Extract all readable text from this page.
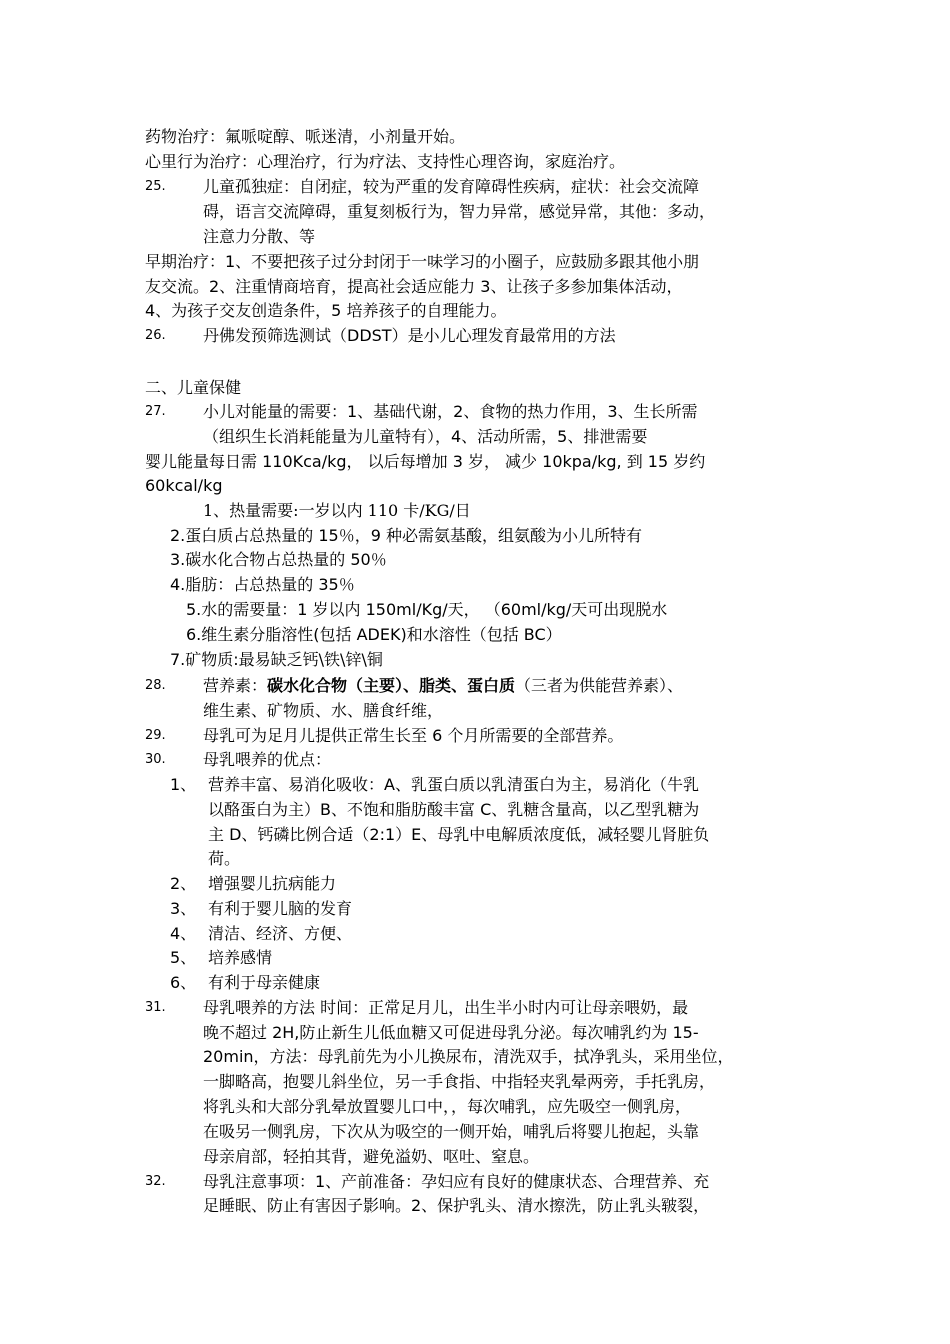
药物治疗：氟哌啶醇、哌迷清，小剂量开始。
心里行为治疗：心理治疗，行为疗法、支持性心理咨询，家庭治疗。
25. 儿童孤独症：自闭症，较为严重的发育障碍性疾病，症状：社会交流障
碍，语言交流障碍，重复刻板行为，智力异常，感觉异常，其他：多动，
注意力分散、等
早期治疗：1、不要把孩子过分封闭于一味学习的小圈子，应鼓励多跟其他小朋
友交流。2、注重情商培育，提高社会适应能力 3、让孩子多参加集体活动，
4、为孩子交友创造条件，5 培养孩子的自理能力。
26. 丹佛发预筛选测试（DDST）是小儿心理发育最常用的方法
二、儿童保健
27. 小儿对能量的需要：1、基础代谢，2、食物的热力作用，3、生长所需
（组织生长消耗能量为儿童特有），4、活动所需，5、排泄需要
婴儿能量每日需 110Kca/kg， 以后每增加 3 岁， 减少 10kpa/kg, 到 15 岁约
60kcal/kg
1、热量需要:一岁以内 110 卡/KG/日
2.蛋白质占总热量的 15％，9 种必需氨基酸，组氨酸为小儿所特有
3.碳水化合物占总热量的 50％
4.脂肪：占总热量的 35％
5.水的需要量：1 岁以内 150ml/Kg/天， （60ml/kg/天可出现脱水
6.维生素分脂溶性(包括 ADEK)和水溶性（包括 BC）
7.矿物质:最易缺乏钙\铁\锌\铜
28. 营养素：碳水化合物（主要）、脂类、蛋白质（三者为供能营养素）、
维生素、矿物质、水、膳食纤维，
29. 母乳可为足月儿提供正常生长至 6 个月所需要的全部营养。
30. 母乳喂养的优点：
1、 营养丰富、易消化吸收：A、乳蛋白质以乳清蛋白为主，易消化（牛乳
以酪蛋白为主）B、不饱和脂肪酸丰富 C、乳糖含量高，以乙型乳糖为
主 D、钙磷比例合适（2:1）E、母乳中电解质浓度低，减轻婴儿肾脏负
荷。
2、 增强婴儿抗病能力
3、 有利于婴儿脑的发育
4、 清洁、经济、方便、
5、 培养感情
6、 有利于母亲健康
31. 母乳喂养的方法 时间：正常足月儿，出生半小时内可让母亲喂奶，最
晚不超过 2H,防止新生儿低血糖又可促进母乳分泌。每次哺乳约为 15-
20min，方法：母乳前先为小儿换尿布，清洗双手，拭净乳头，采用坐位，
一脚略高，抱婴儿斜坐位，另一手食指、中指轻夹乳晕两旁，手托乳房，
将乳头和大部分乳晕放置婴儿口中，，每次哺乳，应先吸空一侧乳房，
在吸另一侧乳房，下次从为吸空的一侧开始，哺乳后将婴儿抱起，头靠
母亲肩部，轻拍其背，避免溢奶、呕吐、窒息。
32. 母乳注意事项：1、产前准备：孕妇应有良好的健康状态、合理营养、充
足睡眠、防止有害因子影响。2、保护乳头、清水擦洗，防止乳头皲裂，
